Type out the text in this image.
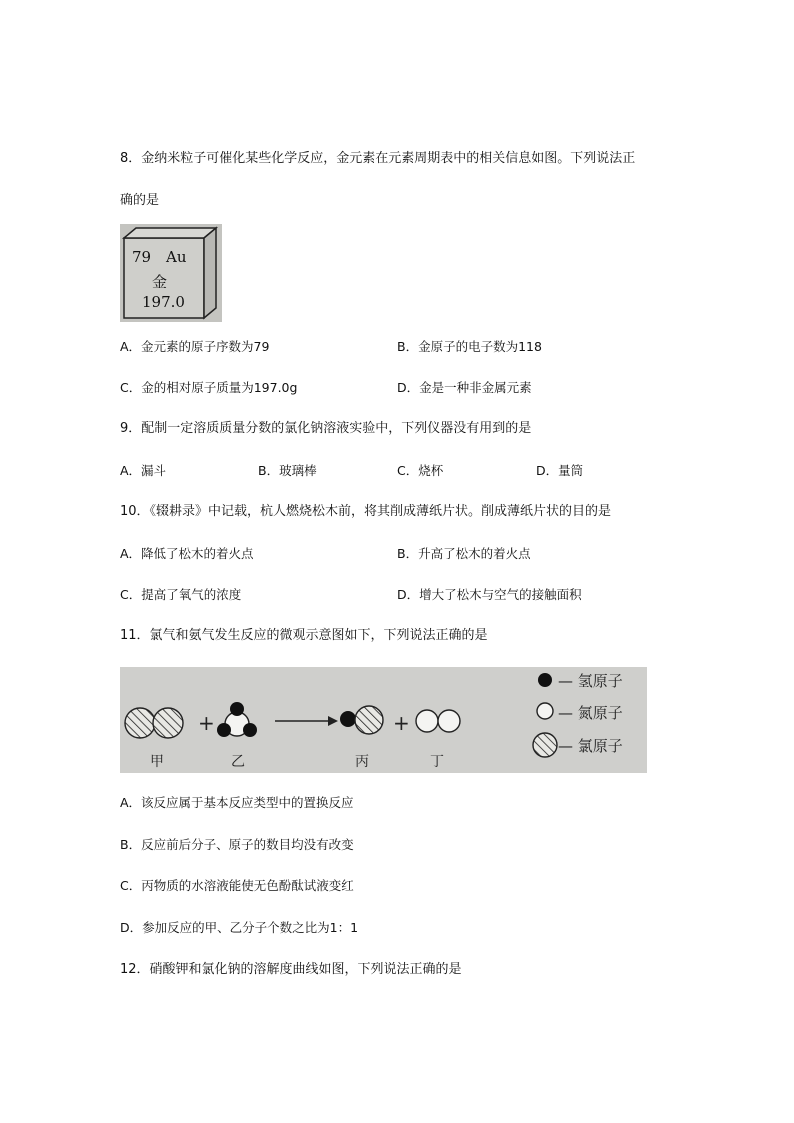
8．金纳米粒子可催化某些化学反应，金元素在元素周期表中的相关信息如图。下列说法正
确的是
79 Au
金
197.0
A．金元素的原子序数为79	B．金原子的电子数为118
C．金的相对原子质量为197.0g	D．金是一种非金属元素
9．配制一定溶质质量分数的氯化钠溶液实验中，下列仪器没有用到的是
A．漏斗	B．玻璃棒	C．烧杯	D．量筒
10．《辍耕录》中记载，杭人燃烧松木前，将其削成薄纸片状。削成薄纸片状的目的是
A．降低了松木的着火点	B．升高了松木的着火点
C．提高了氧气的浓度	D．增大了松木与空气的接触面积
11．氯气和氨气发生反应的微观示意图如下，下列说法正确的是
+	+
甲	乙	丙	丁
— 氢原子
— 氮原子
— 氯原子
A．该反应属于基本反应类型中的置换反应
B．反应前后分子、原子的数目均没有改变
C．丙物质的水溶液能使无色酚酞试液变红
D．参加反应的甲、乙分子个数之比为1：1
12．硝酸钾和氯化钠的溶解度曲线如图，下列说法正确的是
